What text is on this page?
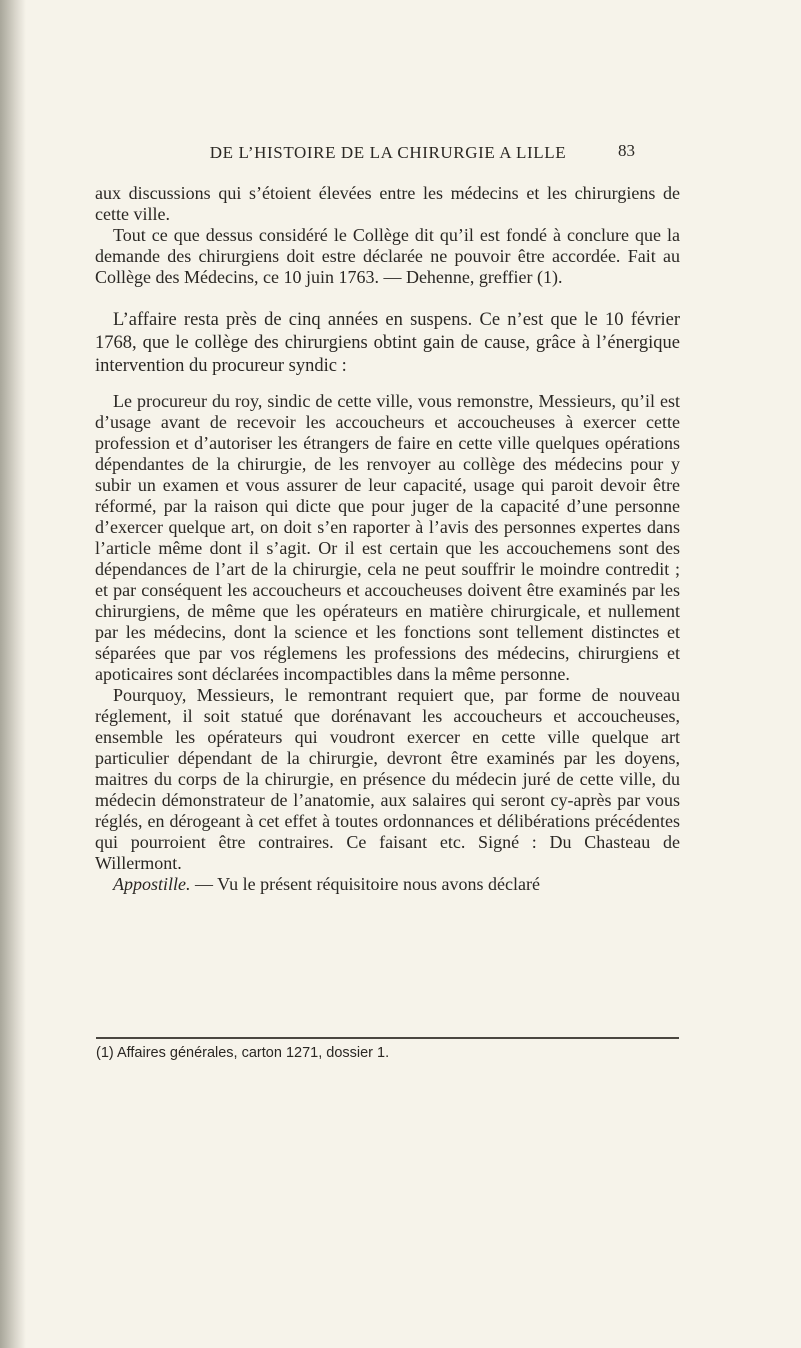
DE L’HISTOIRE DE LA CHIRURGIE A LILLE	83

aux discussions qui s’étoient élevées entre les médecins et les chirurgiens de cette ville.

Tout ce que dessus considéré le Collège dit qu’il est fondé à conclure que la demande des chirurgiens doit estre déclarée ne pouvoir être accordée. Fait au Collège des Médecins, ce 10 juin 1763. — Dehenne, greffier (1).

L’affaire resta près de cinq années en suspens. Ce n’est que le 10 février 1768, que le collège des chirurgiens obtint gain de cause, grâce à l’énergique intervention du procureur syndic :

Le procureur du roy, sindic de cette ville, vous remonstre, Messieurs, qu’il est d’usage avant de recevoir les accoucheurs et accoucheuses à exercer cette profession et d’autoriser les étrangers de faire en cette ville quelques opérations dépendantes de la chirurgie, de les renvoyer au collège des médecins pour y subir un examen et vous assurer de leur capacité, usage qui paroit devoir être réformé, par la raison qui dicte que pour juger de la capacité d’une personne d’exercer quelque art, on doit s’en raporter à l’avis des personnes expertes dans l’article même dont il s’agit. Or il est certain que les accouchemens sont des dépendances de l’art de la chirurgie, cela ne peut souffrir le moindre contredit ; et par conséquent les accoucheurs et accoucheuses doivent être examinés par les chirurgiens, de même que les opérateurs en matière chirurgicale, et nullement par les médecins, dont la science et les fonctions sont tellement distinctes et séparées que par vos réglemens les professions des médecins, chirurgiens et apoticaires sont déclarées incompactibles dans la même personne.

Pourquoy, Messieurs, le remontrant requiert que, par forme de nouveau réglement, il soit statué que dorénavant les accoucheurs et accoucheuses, ensemble les opérateurs qui voudront exercer en cette ville quelque art particulier dépendant de la chirurgie, devront être examinés par les doyens, maitres du corps de la chirurgie, en présence du médecin juré de cette ville, du médecin démonstrateur de l’anatomie, aux salaires qui seront cy-après par vous réglés, en dérogeant à cet effet à toutes ordonnances et délibérations précédentes qui pourroient être contraires. Ce faisant etc. Signé : Du Chasteau de Willermont.

Appostille. — Vu le présent réquisitoire nous avons déclaré

(1) Affaires générales, carton 1271, dossier 1.
